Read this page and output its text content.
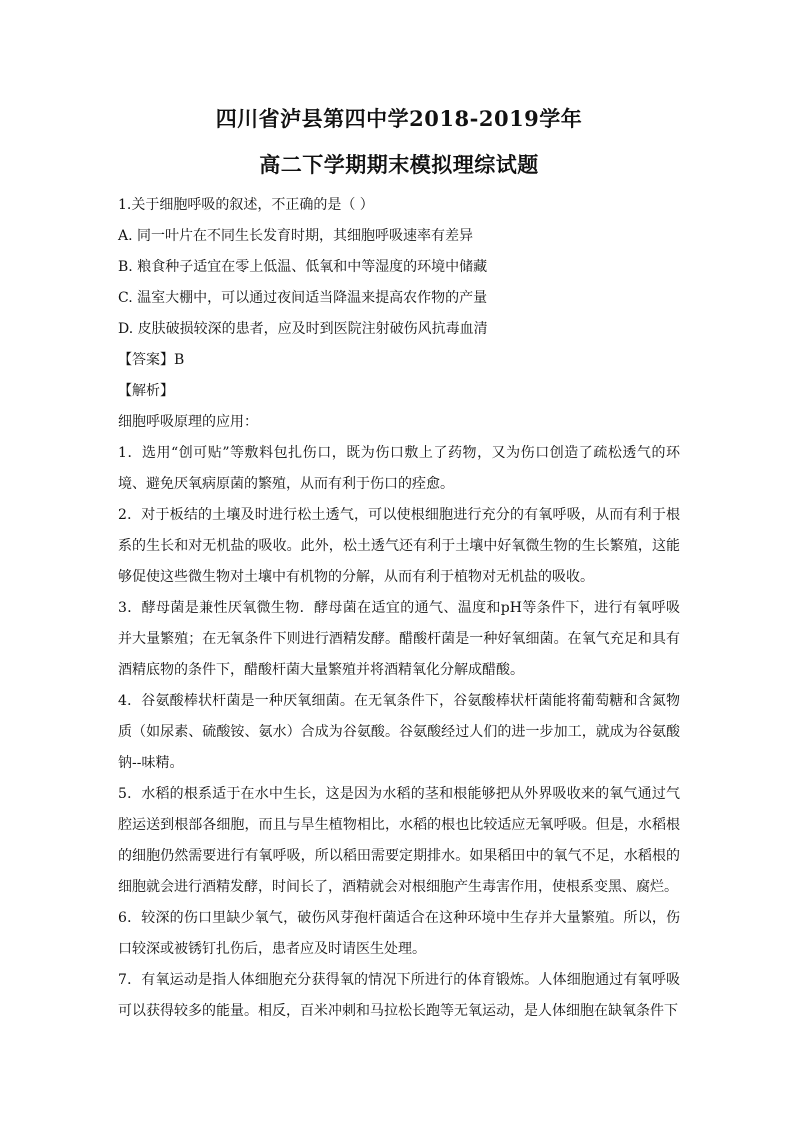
四川省泸县第四中学2018-2019学年
高二下学期期末模拟理综试题
1.关于细胞呼吸的叙述，不正确的是（ ）
A. 同一叶片在不同生长发育时期，其细胞呼吸速率有差异
B. 粮食种子适宜在零上低温、低氧和中等湿度的环境中储藏
C. 温室大棚中，可以通过夜间适当降温来提高农作物的产量
D. 皮肤破损较深的患者，应及时到医院注射破伤风抗毒血清
【答案】B
【解析】
细胞呼吸原理的应用：

1．选用“创可贴”等敷料包扎伤口，既为伤口敷上了药物，又为伤口创造了疏松透气的环境、避免厌氧病原菌的繁殖，从而有利于伤口的痊愈。

2．对于板结的土壤及时进行松土透气，可以使根细胞进行充分的有氧呼吸，从而有利于根系的生长和对无机盐的吸收。此外，松土透气还有利于土壤中好氧微生物的生长繁殖，这能够促使这些微生物对土壤中有机物的分解，从而有利于植物对无机盐的吸收。

3．酵母菌是兼性厌氧微生物．酵母菌在适宜的通气、温度和pH等条件下，进行有氧呼吸并大量繁殖；在无氧条件下则进行酒精发酵。醋酸杆菌是一种好氧细菌。在氧气充足和具有酒精底物的条件下，醋酸杆菌大量繁殖并将酒精氧化分解成醋酸。

4．谷氨酸棒状杆菌是一种厌氧细菌。在无氧条件下，谷氨酸棒状杆菌能将葡萄糖和含氮物质（如尿素、硫酸铵、氨水）合成为谷氨酸。谷氨酸经过人们的进一步加工，就成为谷氨酸钠--味精。

5．水稻的根系适于在水中生长，这是因为水稻的茎和根能够把从外界吸收来的氧气通过气腔运送到根部各细胞，而且与旱生植物相比，水稻的根也比较适应无氧呼吸。但是，水稻根的细胞仍然需要进行有氧呼吸，所以稻田需要定期排水。如果稻田中的氧气不足，水稻根的细胞就会进行酒精发酵，时间长了，酒精就会对根细胞产生毒害作用，使根系变黑、腐烂。

6．较深的伤口里缺少氧气，破伤风芽孢杆菌适合在这种环境中生存并大量繁殖。所以，伤口较深或被锈钉扎伤后，患者应及时请医生处理。

7．有氧运动是指人体细胞充分获得氧的情况下所进行的体育锻炼。人体细胞通过有氧呼吸可以获得较多的能量。相反，百米冲刺和马拉松长跑等无氧运动，是人体细胞在缺氧条件下
